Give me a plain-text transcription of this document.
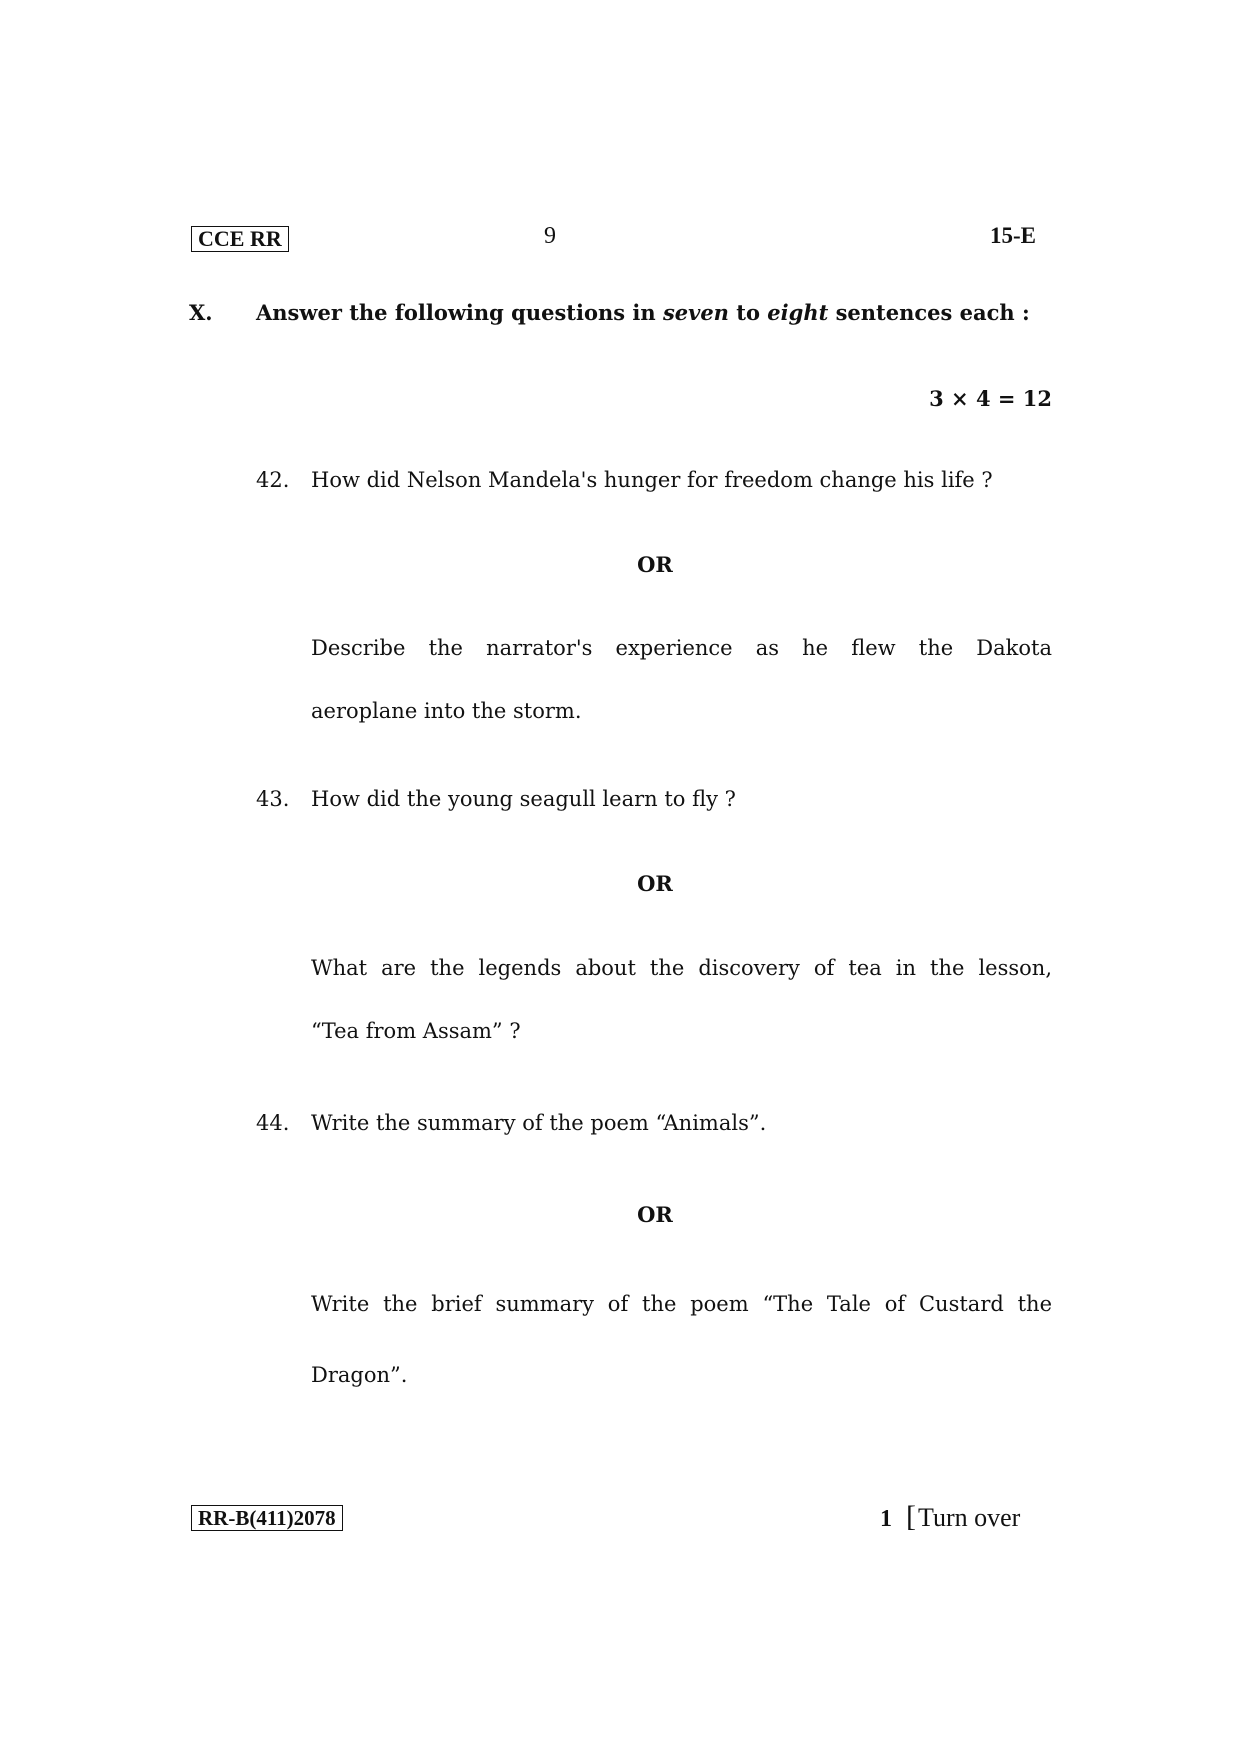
CCE RR	9	15-E
X. Answer the following questions in seven to eight sentences each :
3 × 4 = 12
42. How did Nelson Mandela's hunger for freedom change his life ?
OR
Describe the narrator's experience as he flew the Dakota
aeroplane into the storm.
43. How did the young seagull learn to fly ?
OR
What are the legends about the discovery of tea in the lesson,
“Tea from Assam” ?
44. Write the summary of the poem “Animals”.
OR
Write the brief summary of the poem “The Tale of Custard the
Dragon”.
RR-B(411)2078	1 [Turn over
